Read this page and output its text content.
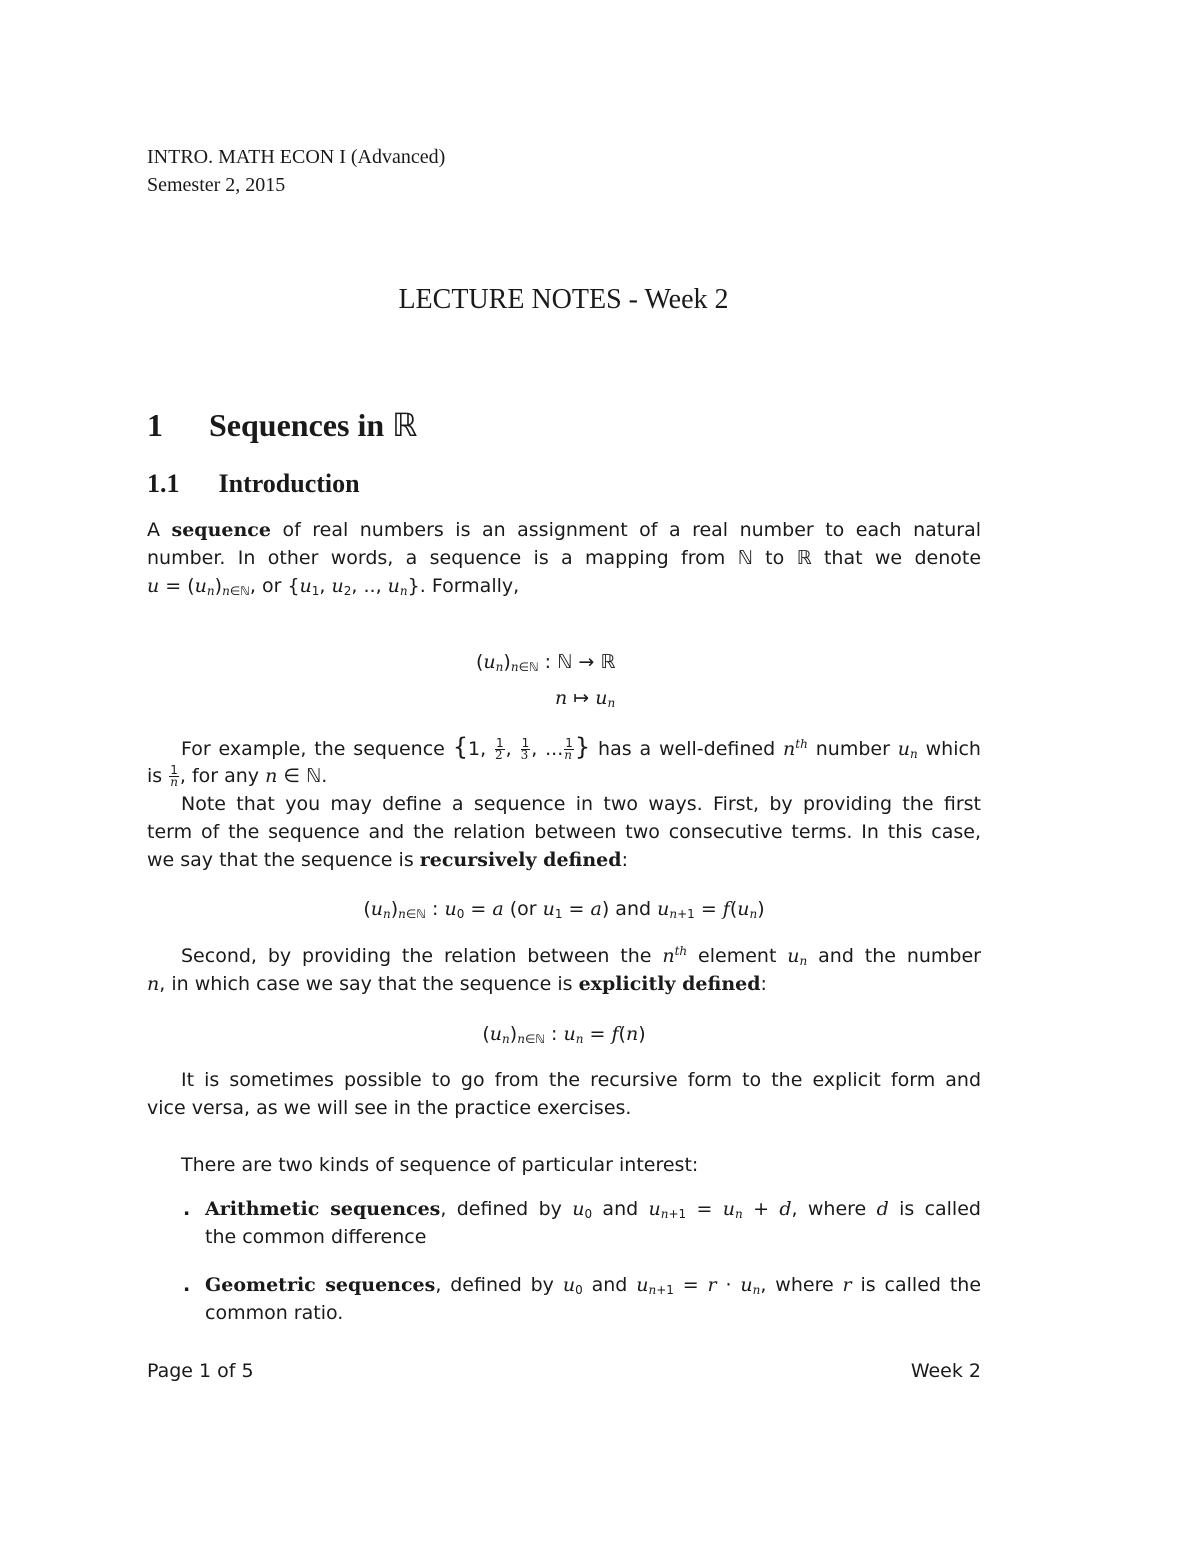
INTRO. MATH ECON I (Advanced)
Semester 2, 2015
LECTURE NOTES - Week 2
1 Sequences in ℝ
1.1 Introduction
A sequence of real numbers is an assignment of a real number to each natural
number. In other words, a sequence is a mapping from ℕ to ℝ that we denote
$u = (u_n)_{n\in ℕ}$, or {$u_1$, $u_2$, .., $u_n$}. Formally,
$(u_n)_{n\in ℕ}$ : ℕ → ℝ
n ↦ $u_n$
For example, the sequence {1, $\frac{1}{2}$ , $\frac{1}{3}$ , ... $\frac{1}{n}$ } has a well-defined $n^{th}$ number $u_n$ which
is $\frac{1}{n}$ , for any n ∈ ℕ.
Note that you may define a sequence in two ways. First, by providing the first
term of the sequence and the relation between two consecutive terms. In this case,
we say that the sequence is recursively defined:
$(u_n)_{n\in ℕ}$ : $u_0 = a$ (or $u_1 = a$) and $u_{n+1} = f(u_n)$
Second, by providing the relation between the $n^{th}$ element $u_n$ and the number
n, in which case we say that the sequence is explicitly defined:
$(u_n)_{n\in ℕ}$ : $u_n = f(n)$
It is sometimes possible to go from the recursive form to the explicit form and
vice versa, as we will see in the practice exercises.
There are two kinds of sequence of particular interest:
. Arithmetic sequences, defined by $u_0$ and $u_{n+1} = u_n + d$, where d is called
the common difference
. Geometric sequences, defined by $u_0$ and $u_{n+1} = r \cdot u_n$, where r is called the
common ratio.
Page 1 of 5	Week 2
